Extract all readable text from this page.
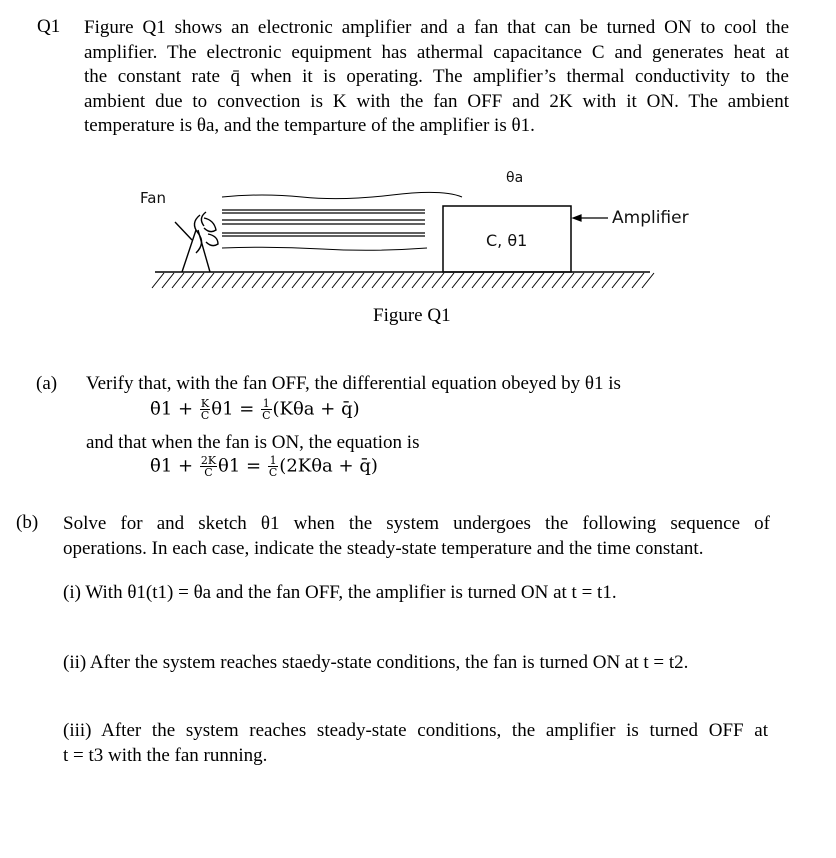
Q1 Figure Q1 shows an electronic amplifier and a fan that can be turned ON to cool the
amplifier. The electronic equipment has athermal capacitance C and generates heat at
the constant rate q̄ when it is operating. The amplifier’s thermal conductivity to the
ambient due to convection is K with the fan OFF and 2K with it ON. The ambient
temperature is θa, and the tempartu​re of the amplifier is θ1.
Fan
θa
C, θ1
Amplifier
Figure Q1
(a) Verify that, with the fan OFF, the differential equation obeyed by θ1 is
θ̇1 + $\frac{K}{C} \theta 1 = \frac{1}{C} (K\theta a$ + q̄)
and that when the fan is ON, the equation is
θ̇1 + $\frac{2K}{C} \theta 1 = \frac{1}{C} (2K\theta a$ + q̄)
(b) Solve for and sketch θ1 when the system undergoes the following sequence of
operations. In each case, indicate the steady-state temperature and the time constant.
(i) With θ1(t1) = θa and the fan OFF, the amplifier is turned ON at t = t1.
(ii) After the system reaches staedy-state conditions, the fan is turned ON at t = t2.
(iii) After the system reaches steady-state conditions, the amplifier is turned OFF at
t = t3 with the fan running.
